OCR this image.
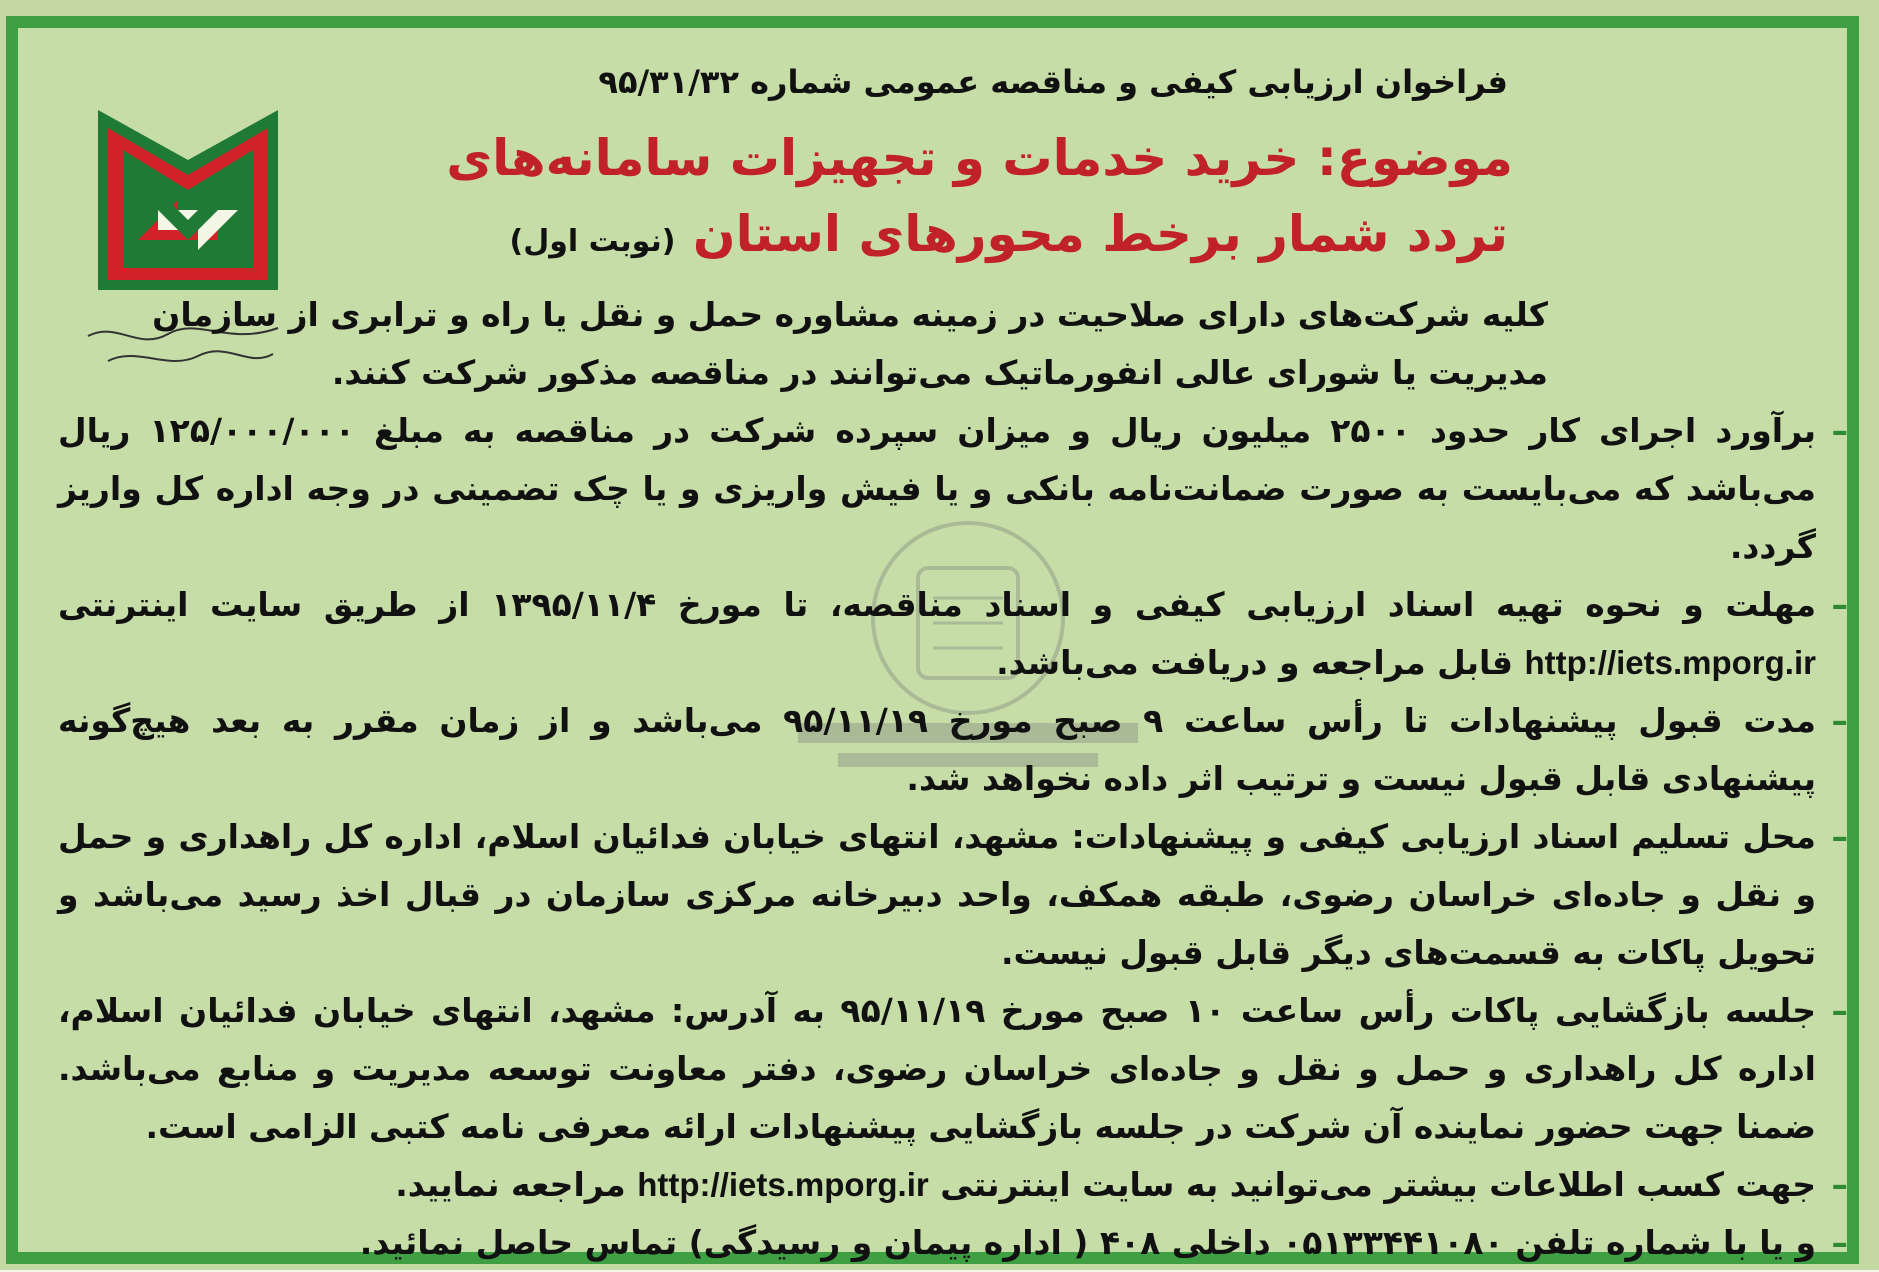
فراخوان ارزیابی کیفی و مناقصه عمومی شماره ۹۵/۳۱/۳۲
موضوع: خرید خدمات و تجهیزات سامانه‌های
تردد شمار برخط محورهای استان (نوبت اول)
کلیه شرکت‌های دارای صلاحیت در زمینه مشاوره حمل و نقل یا راه و ترابری از سازمان مدیریت یا شورای عالی انفورماتیک می‌توانند در مناقصه مذکور شرکت کنند.
–
برآورد اجرای کار حدود ۲۵۰۰ میلیون ریال و میزان سپرده شرکت در مناقصه به مبلغ ۱۲۵/۰۰۰/۰۰۰ ریال می‌باشد که می‌بایست به صورت ضمانت‌نامه بانکی و یا فیش واریزی و یا چک تضمینی در وجه اداره کل واریز گردد.
–
مهلت و نحوه تهیه اسناد ارزیابی کیفی و اسناد مناقصه، تا مورخ ۱۳۹۵/۱۱/۴ از طریق سایت اینترنتی http://iets.mporg.ir قابل مراجعه و دریافت می‌باشد.
–
مدت قبول پیشنهادات تا رأس ساعت ۹ صبح مورخ ۹۵/۱۱/۱۹ می‌باشد و از زمان مقرر به بعد هیچ‌گونه پیشنهادی قابل قبول نیست و ترتیب اثر داده نخواهد شد.
–
محل تسلیم اسناد ارزیابی کیفی و پیشنهادات: مشهد، انتهای خیابان فدائیان اسلام، اداره کل راهداری و حمل و نقل و جاده‌ای خراسان رضوی، طبقه همکف، واحد دبیرخانه مرکزی سازمان در قبال اخذ رسید می‌باشد و تحویل پاکات به قسمت‌های دیگر قابل قبول نیست.
–
جلسه بازگشایی پاکات رأس ساعت ۱۰ صبح مورخ ۹۵/۱۱/۱۹ به آدرس: مشهد، انتهای خیابان فدائیان اسلام، اداره کل راهداری و حمل و نقل و جاده‌ای خراسان رضوی، دفتر معاونت توسعه مدیریت و منابع می‌باشد. ضمنا جهت حضور نماینده آن شرکت در جلسه بازگشایی پیشنهادات ارائه معرفی نامه کتبی الزامی است.
–
جهت کسب اطلاعات بیشتر می‌توانید به سایت اینترنتی http://iets.mporg.ir مراجعه نمایید.
–
و یا با شماره تلفن ۰۵۱۳۳۴۴۱۰۸۰ داخلی ۴۰۸ ( اداره پیمان و رسیدگی) تماس حاصل نمائید.
